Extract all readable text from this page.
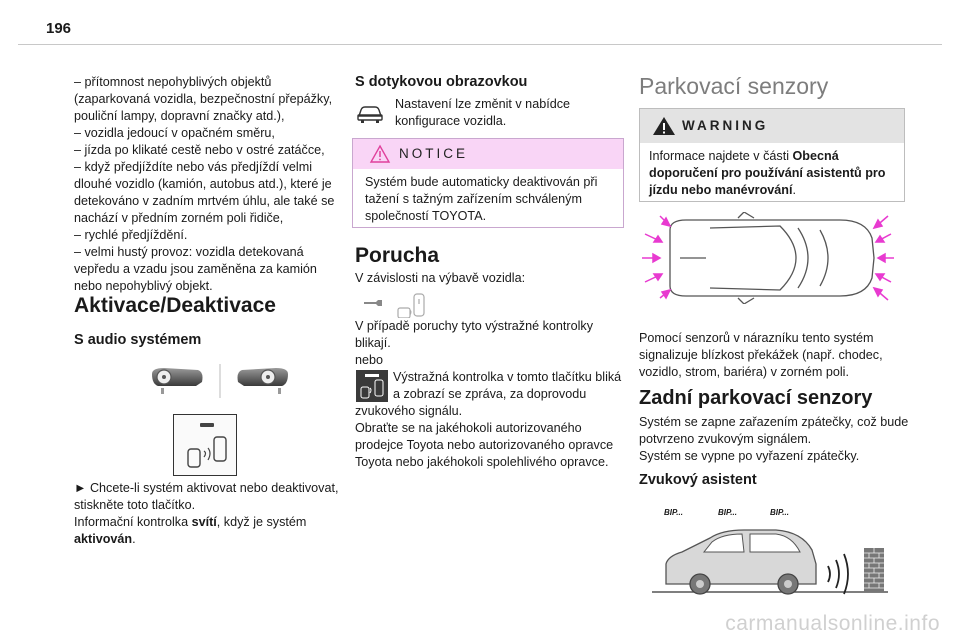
196
– přítomnost nepohyblivých objektů
(zaparkovaná vozidla, bezpečnostní přepážky,
pouliční lampy, dopravní značky atd.),
– vozidla jedoucí v opačném směru,
– jízda po klikaté cestě nebo v ostré zatáčce,
– když předjíždíte nebo vás předjíždí velmi
dlouhé vozidlo (kamión, autobus atd.), které je
detekováno v zadním mrtvém úhlu, ale také se
nachází v předním zorném poli řidiče,
– rychlé předjíždění.
– velmi hustý provoz: vozidla detekovaná
vepředu a vzadu jsou zaměněna za kamión
nebo nepohyblivý objekt.
Aktivace/Deaktivace
S audio systémem
► Chcete-li systém aktivovat nebo deaktivovat,
stiskněte toto tlačítko.
Informační kontrolka svítí, když je systém
aktivován.
S dotykovou obrazovkou
Nastavení lze změnit v nabídce
konfigurace vozidla.
NOTICE
Systém bude automaticky deaktivován při
tažení s tažným zařízením schváleným
společností TOYOTA.
Porucha
V závislosti na výbavě vozidla:
V případě poruchy tyto výstražné kontrolky
blikají.
nebo
Výstražná kontrolka v tomto tlačítku bliká
a zobrazí se zpráva, za doprovodu
zvukového signálu.
Obraťte se na jakéhokoli autorizovaného
prodejce Toyota nebo autorizovaného opravce
Toyota nebo jakéhokoli spolehlivého opravce.
Parkovací senzory
WARNING
Informace najdete v části Obecná
doporučení pro používání asistentů pro
jízdu nebo manévrování.
Pomocí senzorů v nárazníku tento systém
signalizuje blízkost překážek (např. chodec,
vozidlo, strom, bariéra) v zorném poli.
Zadní parkovací senzory
Systém se zapne zařazením zpátečky, což bude
potvrzeno zvukovým signálem.
Systém se vypne po vyřazení zpátečky.
Zvukový asistent
BIP...	BIP...	BIP...
carmanualsonline.info
